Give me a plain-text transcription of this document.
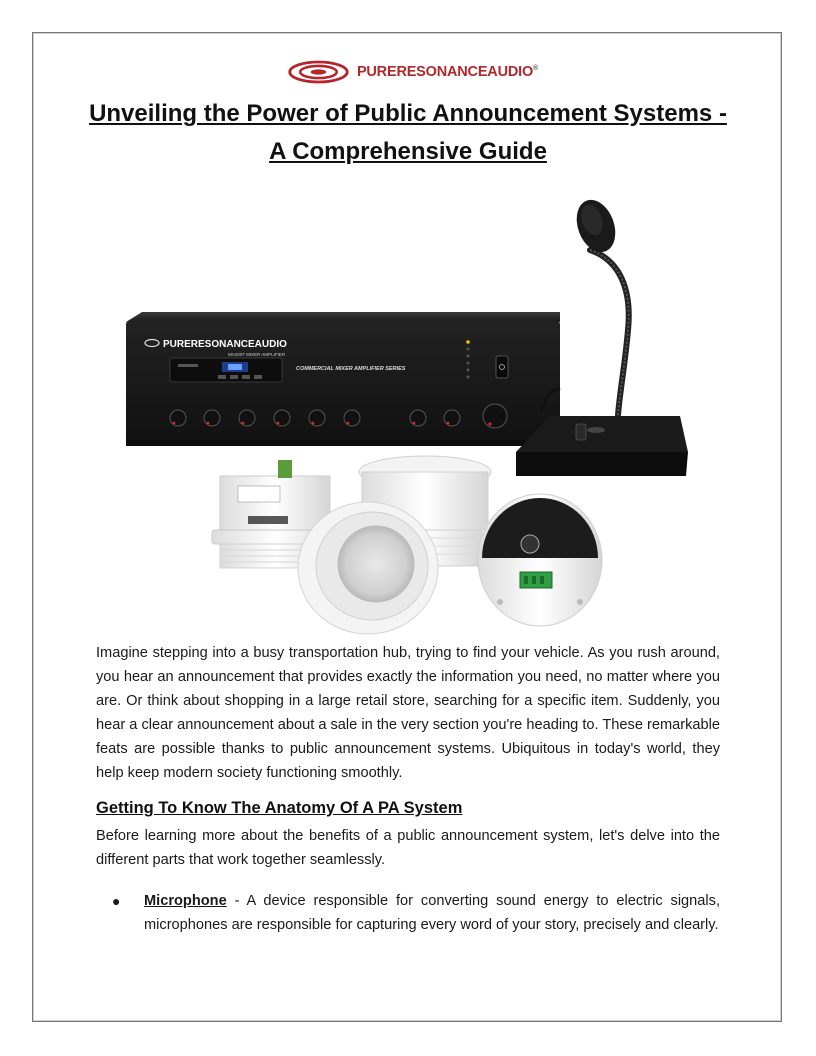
PURERESONANCEAUDIO®
Unveiling the Power of Public Announcement Systems -
A Comprehensive Guide
PURERESONANCEAUDIO
MA200T MIXER AMPLIFIER
COMMERCIAL MIXER AMPLIFIER SERIES

Imagine stepping into a busy transportation hub, trying to find your vehicle. As you rush around, you hear an announcement that provides exactly the information you need, no matter where you are. Or think about shopping in a large retail store, searching for a specific item. Suddenly, you hear a clear announcement about a sale in the very section you're heading to. These remarkable feats are possible thanks to public announcement systems. Ubiquitous in today's world, they help keep modern society functioning smoothly.

Getting To Know The Anatomy Of A PA System

Before learning more about the benefits of a public announcement system, let's delve into the different parts that work together seamlessly.

● Microphone - A device responsible for converting sound energy to electric signals, microphones are responsible for capturing every word of your story, precisely and clearly.
